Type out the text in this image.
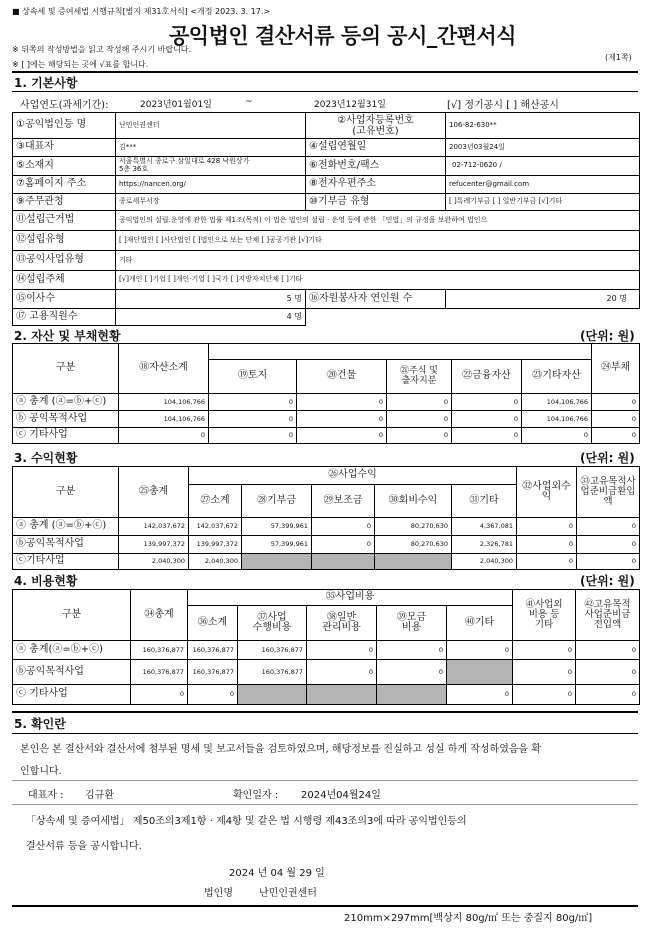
■ 상속세 및 증여세법 시행규칙[별지 제31호서식] <개정 2023. 3. 17.>
공익법인 결산서류 등의 공시_간편서식
※ 뒤쪽의 작성방법을 읽고 작성해 주시기 바랍니다.
※ [ ]에는 해당되는 곳에 √표를 합니다.
(제1쪽)
1. 기본사항
사업연도(과세기간):	2023년01월01일	~	2023년12월31일	[√] 정기공시 [ ] 해산공시
①공익법인등 명	난민인권센터	②사업자등록번호
(고유번호)	106-82-630**
③대표자	김***	④설립연월일	2003년03월24일
⑤소재지	서울특별시 종로구 삼일대로 428 낙원상가
5층 36호	⑥전화번호/팩스	02-712-0620 /
⑦홈페이지 주소	https://nancen.org/	⑧전자우편주소	refucenter@gmail.com
⑨주무관청	종로세무서장	⑩기부금 유형	[ ]특례기부금 [ ] 일반기부금 [√]기타
⑪설립근거법	공익법인의 설립.운영에 관한 법률 제1조(목적) 이 법은 법인의 설립 · 운영 등에 관한 「민법」의 규정을 보완하여 법인으		
⑫설립유형	[ ]재단법인 [ ]사단법인 [ ]법인으로 보는 단체 [ ]공공기관 [√]기타		
⑬공익사업유형	기타		
⑭설립주체	[√]개인 [ ]기업 [ ]개인·기업 [ ]국가 [ ]지방자치단체 [ ]기타		
⑮이사수	5 명	⑯자원봉사자 연인원 수	20 명
⑰ 고용직원수	4 명		
2. 자산 및 부채현황	(단위: 원)
구분	⑱자산소계						㉔부채
		⑲토지	⑳건물	㉑주식 및
출자지분	㉒금융자산	㉓기타자산	
ⓐ 총계 (ⓐ=ⓑ+ⓒ)	104,106,766	0	0	0	0	104,106,766	0
ⓑ 공익목적사업	104,106,766	0	0	0	0	104,106,766	0
ⓒ 기타사업	0	0	0	0	0	0	0
3. 수익현황	(단위: 원)
구분	㉕총계	㉖사업수익					㉜사업외수익	㉝고유목적사업준비금환입액
		㉗소계	㉘기부금	㉙보조금	㉚회비수익	㉛기타		
ⓐ 총계 (ⓐ=ⓑ+ⓒ)	142,037,672	142,037,672	57,399,961	0	80,270,630	4,367,081	0	0
ⓑ공익목적사업	139,997,372	139,997,372	57,399,961	0	80,270,630	2,326,781	0	0
ⓒ기타사업	2,040,300	2,040,300				2,040,300	0	0
4. 비용현황	(단위: 원)
구분	㉞총계	㉟사업비용					㊶사업외
비용 등
기타	㊷고유목적
사업준비금
전입액
		㊱소계	㊲사업
수행비용	㊳일반
관리비용	㊴모금
비용	㊵기타		
ⓐ 총계(ⓐ=ⓑ+ⓒ)	160,376,877	160,376,877	160,376,877	0	0	0	0	0
ⓑ공익목적사업	160,376,877	160,376,877	160,376,877	0	0		0	0
ⓒ 기타사업	0	0				0	0	0
5. 확인란
본인은 본 결산서와 결산서에 첨부된 명세 및 보고서들을 검토하였으며, 해당정보를 진실하고 성실 하게 작성하였음을 확
인합니다.
대표자 : 김규환	확인일자 : 2024년04월24일
「상속세 및 증여세법」 제50조의3제1항 · 제4항 및 같은 법 시행령 제43조의3에 따라 공익법인등의
결산서류 등을 공시합니다.
2024 년 04 월 29 일
법인명	난민인권센터
210mm×297mm[백상지 80g/㎡ 또는 중질지 80g/㎡]
